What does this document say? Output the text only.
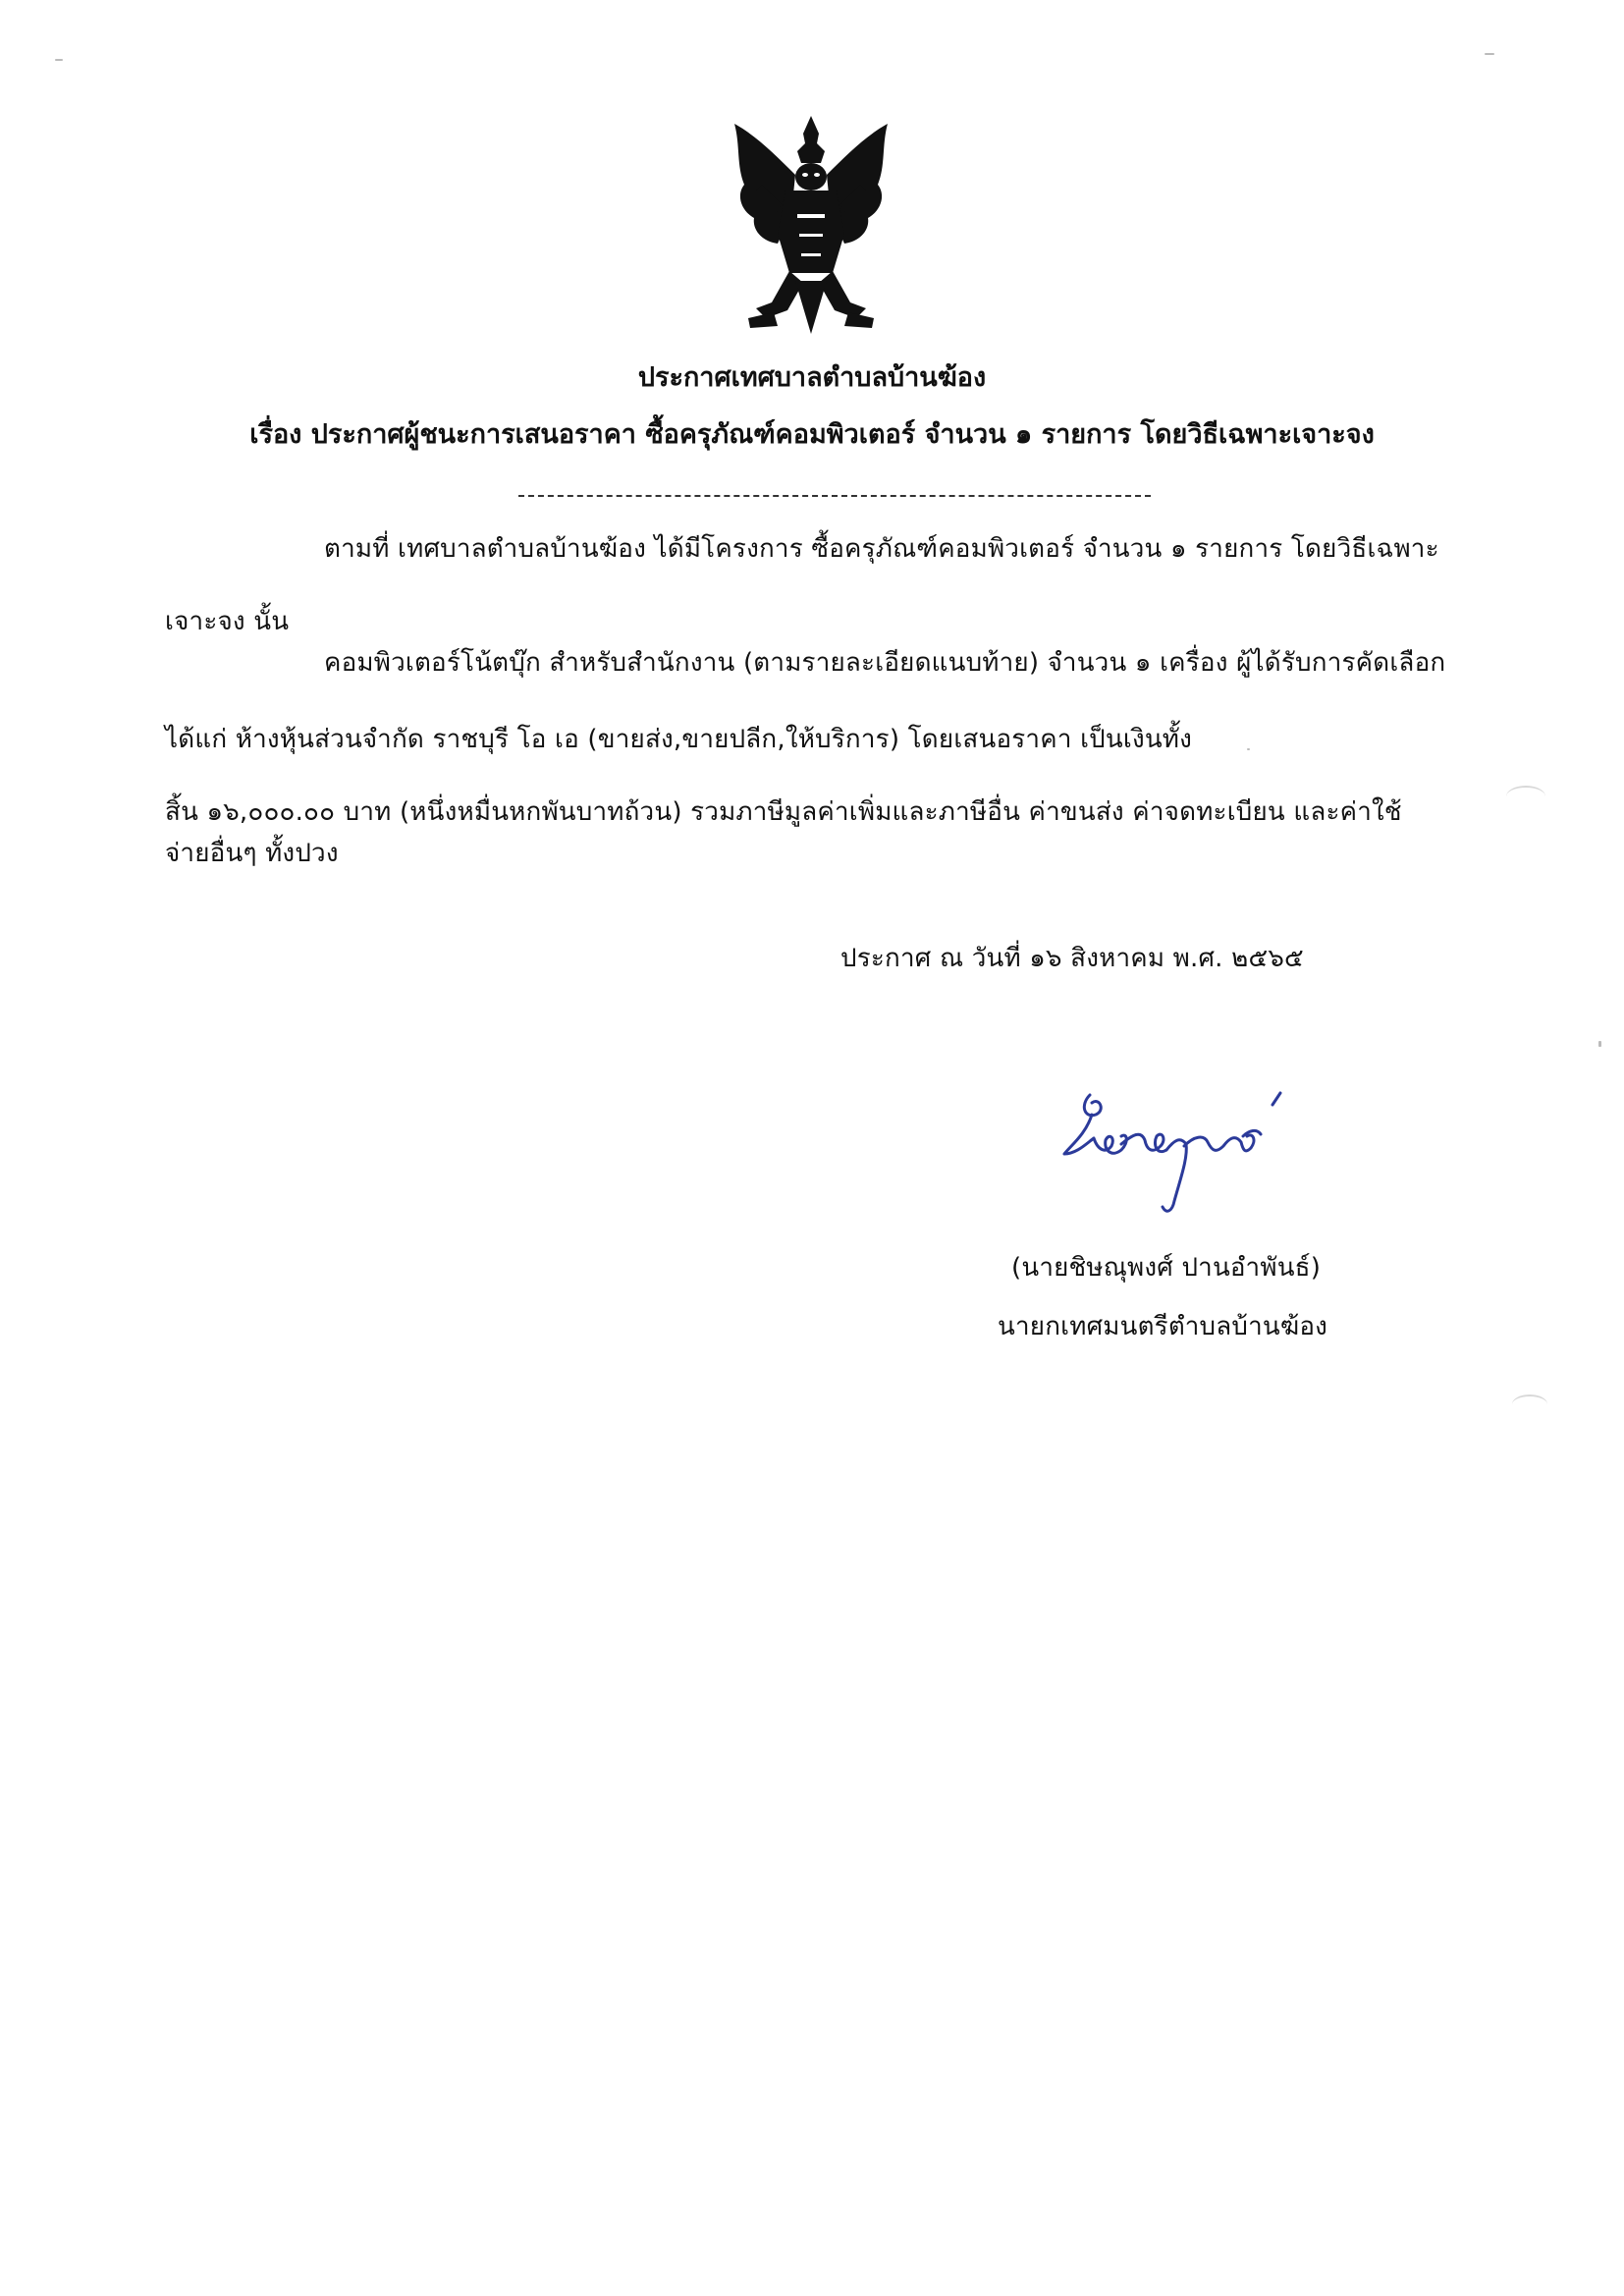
ประกาศเทศบาลตำบลบ้านฆ้อง
เรื่อง ประกาศผู้ชนะการเสนอราคา ซื้อครุภัณฑ์คอมพิวเตอร์ จำนวน ๑ รายการ โดยวิธีเฉพาะเจาะจง
ตามที่ เทศบาลตำบลบ้านฆ้อง ได้มีโครงการ ซื้อครุภัณฑ์คอมพิวเตอร์ จำนวน ๑ รายการ โดยวิธีเฉพาะ
เจาะจง นั้น
คอมพิวเตอร์โน้ตบุ๊ก สำหรับสำนักงาน (ตามรายละเอียดแนบท้าย) จำนวน ๑ เครื่อง ผู้ได้รับการคัดเลือก
ได้แก่ ห้างหุ้นส่วนจำกัด ราชบุรี โอ เอ (ขายส่ง,ขายปลีก,ให้บริการ) โดยเสนอราคา เป็นเงินทั้ง
สิ้น ๑๖,๐๐๐.๐๐ บาท (หนึ่งหมื่นหกพันบาทถ้วน) รวมภาษีมูลค่าเพิ่มและภาษีอื่น ค่าขนส่ง ค่าจดทะเบียน และค่าใช้
จ่ายอื่นๆ ทั้งปวง
ประกาศ ณ วันที่ ๑๖ สิงหาคม พ.ศ. ๒๕๖๕
(นายชิษณุพงศ์ ปานอำพันธ์)
นายกเทศมนตรีตำบลบ้านฆ้อง
